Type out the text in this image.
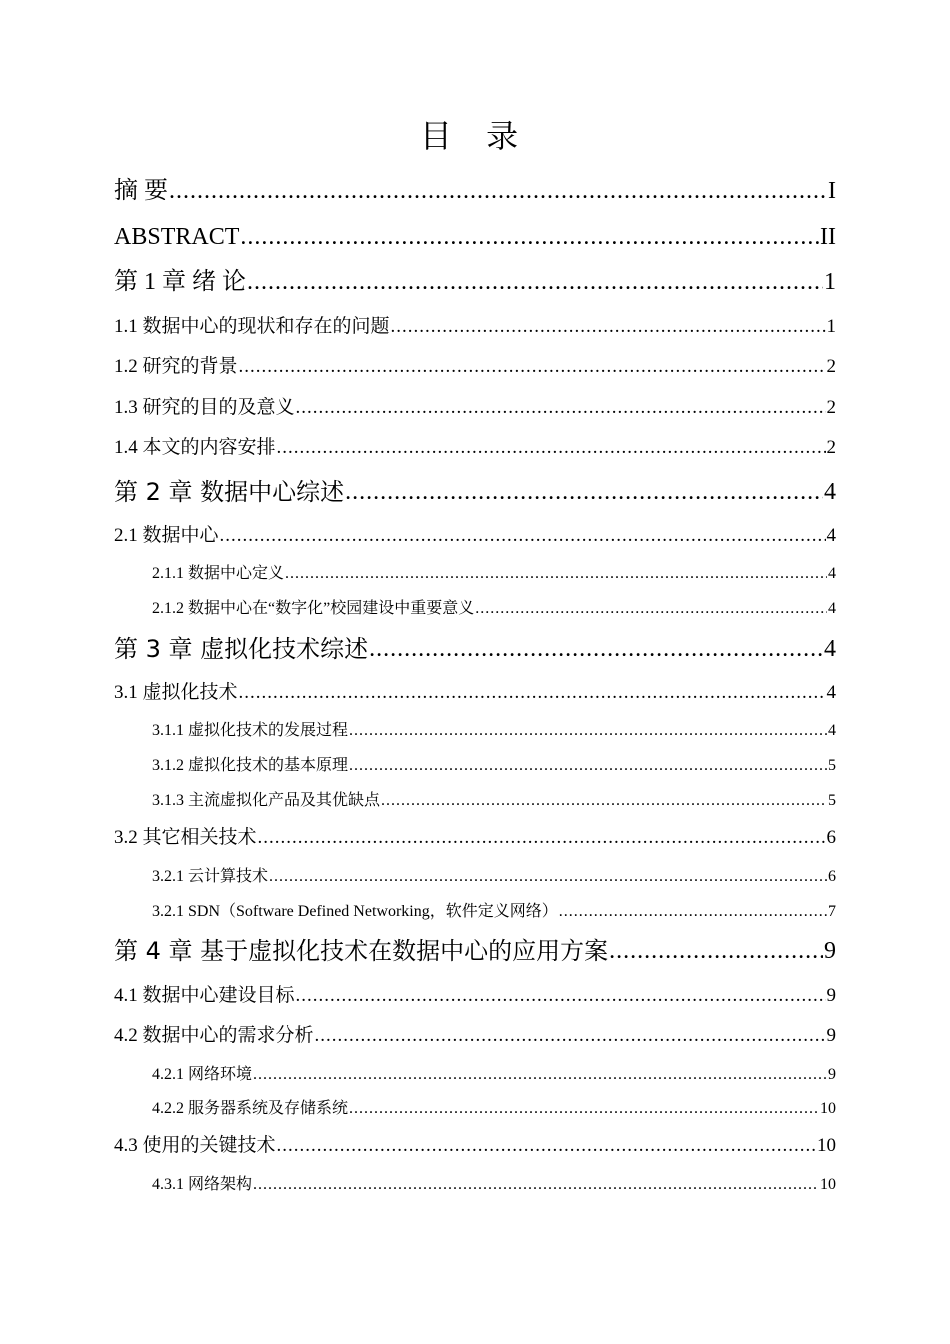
目 录
摘 要 .....	I
ABSTRACT .....	II
第 1 章 绪 论 .....	1
1.1 数据中心的现状和存在的问题 .....	1
1.2 研究的背景 .....	2
1.3 研究的目的及意义 .....	2
1.4 本文的内容安排 .....	2
第 2 章 数据中心综述 .....	4
2.1 数据中心 .....	4
2.1.1 数据中心定义 .....	4
2.1.2 数据中心在“数字化”校园建设中重要意义 .....	4
第 3 章 虚拟化技术综述 .....	4
3.1 虚拟化技术 .....	4
3.1.1 虚拟化技术的发展过程 .....	4
3.1.2 虚拟化技术的基本原理 .....	5
3.1.3 主流虚拟化产品及其优缺点 .....	5
3.2 其它相关技术 .....	6
3.2.1 云计算技术 .....	6
3.2.1 SDN（Software Defined Networking，软件定义网络） .....	7
第 4 章 基于虚拟化技术在数据中心的应用方案 .....	9
4.1 数据中心建设目标 .....	9
4.2 数据中心的需求分析 .....	9
4.2.1 网络环境 .....	9
4.2.2 服务器系统及存储系统 .....	10
4.3 使用的关键技术 .....	10
4.3.1 网络架构 .....	10
